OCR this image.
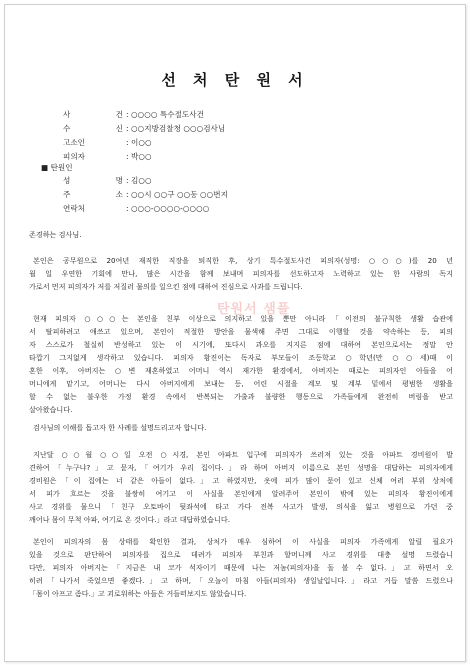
탄원서 샘플
선 처 탄 원 서
사 건 : ○○○○ 특수절도사건
수 신 : ○○지방검찰청 ○○○검사님
고소인	: 이○○
피의자	: 박○○
■ 탄원인
성 명 : 김○○
주 소 : ○○시 ○○구 ○○동 ○○번지
연락처	: ○○○-○○○○-○○○○
존경하는 검사님.
본인은 공무원으로 20여년 재직한 직장을 퇴직한 후, 상기 특수절도사건 피의자(성명: ○○○)를 20 년
월 일 우연한 기회에 만나, 많은 시간을 함께 보내며 피의자를 선도하고자 노력하고 있는 한 사람의 독지
가로서 먼저 피의자가 저를 저질러 물의를 일으킨 점에 대하여 진심으로 사과를 드립니다.
현재 피의자 ○○○는 본인을 친부 이상으로 의지하고 있을 뿐만 아니라「이전의 불규칙한 생활 습관에
서 탈피하려고 애쓰고 있으며, 본인이 적절한 방안을 물색해 주면 그대로 이행할 것을 약속하는 등, 피의
자 스스로가 철실히 반성하고 있는 이 시기에, 또다시 과오를 지지른 점에 대하여 본인으로서는 정말 안
타깝기 그지없게 생각하고 있습니다. 피의자 황진이는 독자로 부모들이 조등학교 ○학년(만 ○○세)때 이
혼한 이후, 아버지는 ○변 재혼하였고 어머니 역시 재가한 환경에서, 아버지는 때로는 피의자인 아들을 어
머니에게 맡기고, 어머니는 다시 아버지에게 보내는 등, 어린 시절을 계모 및 계부 밑에서 평범한 생활을
할 수 없는 불우한 가정 환경 속에서 반복되는 가출과 불량한 행동으로 가족들에게 완전히 버림을 받고
살아왔습니다.
검사님의 이해를 돕고자 한 사례를 설명드리고자 합니다.
지난달 ○○월 ○○일 오전 ○시경, 본인 아파트 입구에 피의자가 쓰러져 있는 것을 아파트 경비원이 발
견하여「누구냐?」고 묻자,「여기가 우리 집이다.」라 하며 아버지 이름으로 본인 성명을 대답하는 피의자에게
경비원은「이 집에는 너 같은 아들이 없다.」고 하였지만, 옷에 피가 많이 묻어 있고 신체 여러 부위 상처에
서 피가 흐르는 것을 불쌍히 여기고 이 사실을 본인에게 알려주어 본인이 밖에 있는 피의자 황진이에게
사고 경위를 물으니「친구 오토바이 뒷좌석에 타고 가다 전복 사고가 발생, 의식을 잃고 병원으로 가던 중
깨어나 몸이 무척 아파, 여기로 온 것이다.」라고 대답하였습니다.
본인이 피의자의 몸 상태를 확인한 결과, 상처가 매우 심하여 이 사실을 피의자 가족에게 알릴 필요가
있을 것으로 판단하여 피의자를 집으로 데려가 피의자 부친과 할머니께 사고 경위를 대충 설명 드렸습니
다만, 피의자 아버지는「지금은 내 코가 석자이기 때문에 나는 저놈(피의자)을 돌 볼 수 없다.」고 하면서 오
히려「나가서 죽었으면 좋겠다.」고 하며,「오늘이 마침 아들(피의자) 생일날입니다.」라고 거듭 말씀 드렸으나
「몸이 아프고 좀다.」고 괴로워하는 아들은 거들떠보지도 않았습니다.
